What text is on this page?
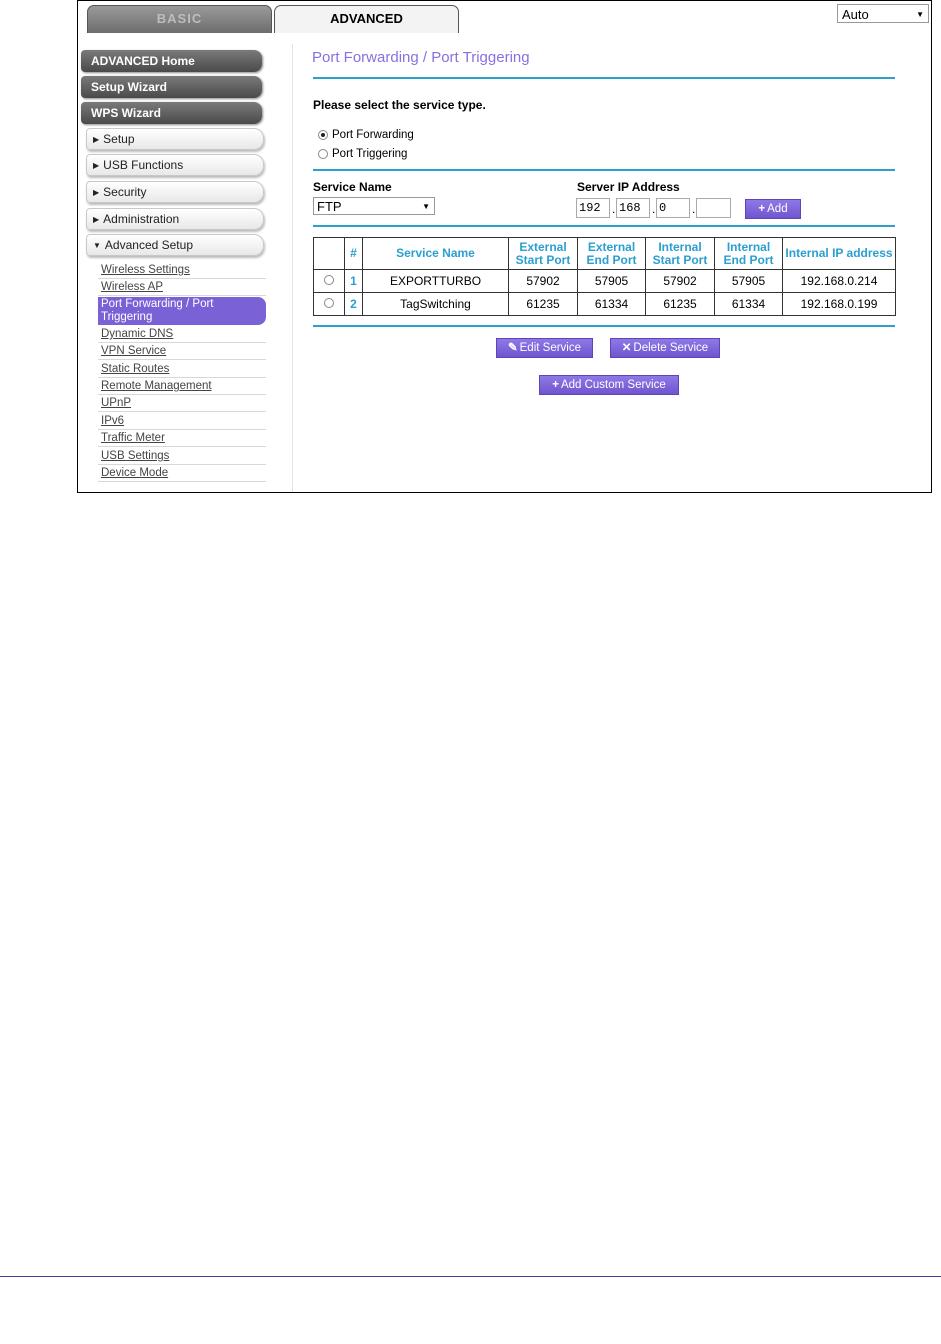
BASIC	ADVANCED	Auto	▼
ADVANCED Home
Setup Wizard
WPS Wizard
▶ Setup
▶ USB Functions
▶ Security
▶ Administration
▼ Advanced Setup
Wireless Settings
Wireless AP
Port Forwarding / Port Triggering
Dynamic DNS
VPN Service
Static Routes
Remote Management
UPnP
IPv6
Traffic Meter
USB Settings
Device Mode
Port Forwarding / Port Triggering
Please select the service type.
Port Forwarding
Port Triggering
Service Name
FTP	▼
Server IP Address
192 . 168 . 0	.	+ Add
	#	Service Name	External Start Port	External End Port	Internal Start Port	Internal End Port	Internal IP address
	1	EXPORTTURBO	57902	57905	57902	57905	192.168.0.214
	2	TagSwitching	61235	61334	61235	61334	192.168.0.199
✎ Edit Service	✕ Delete Service
+ Add Custom Service
